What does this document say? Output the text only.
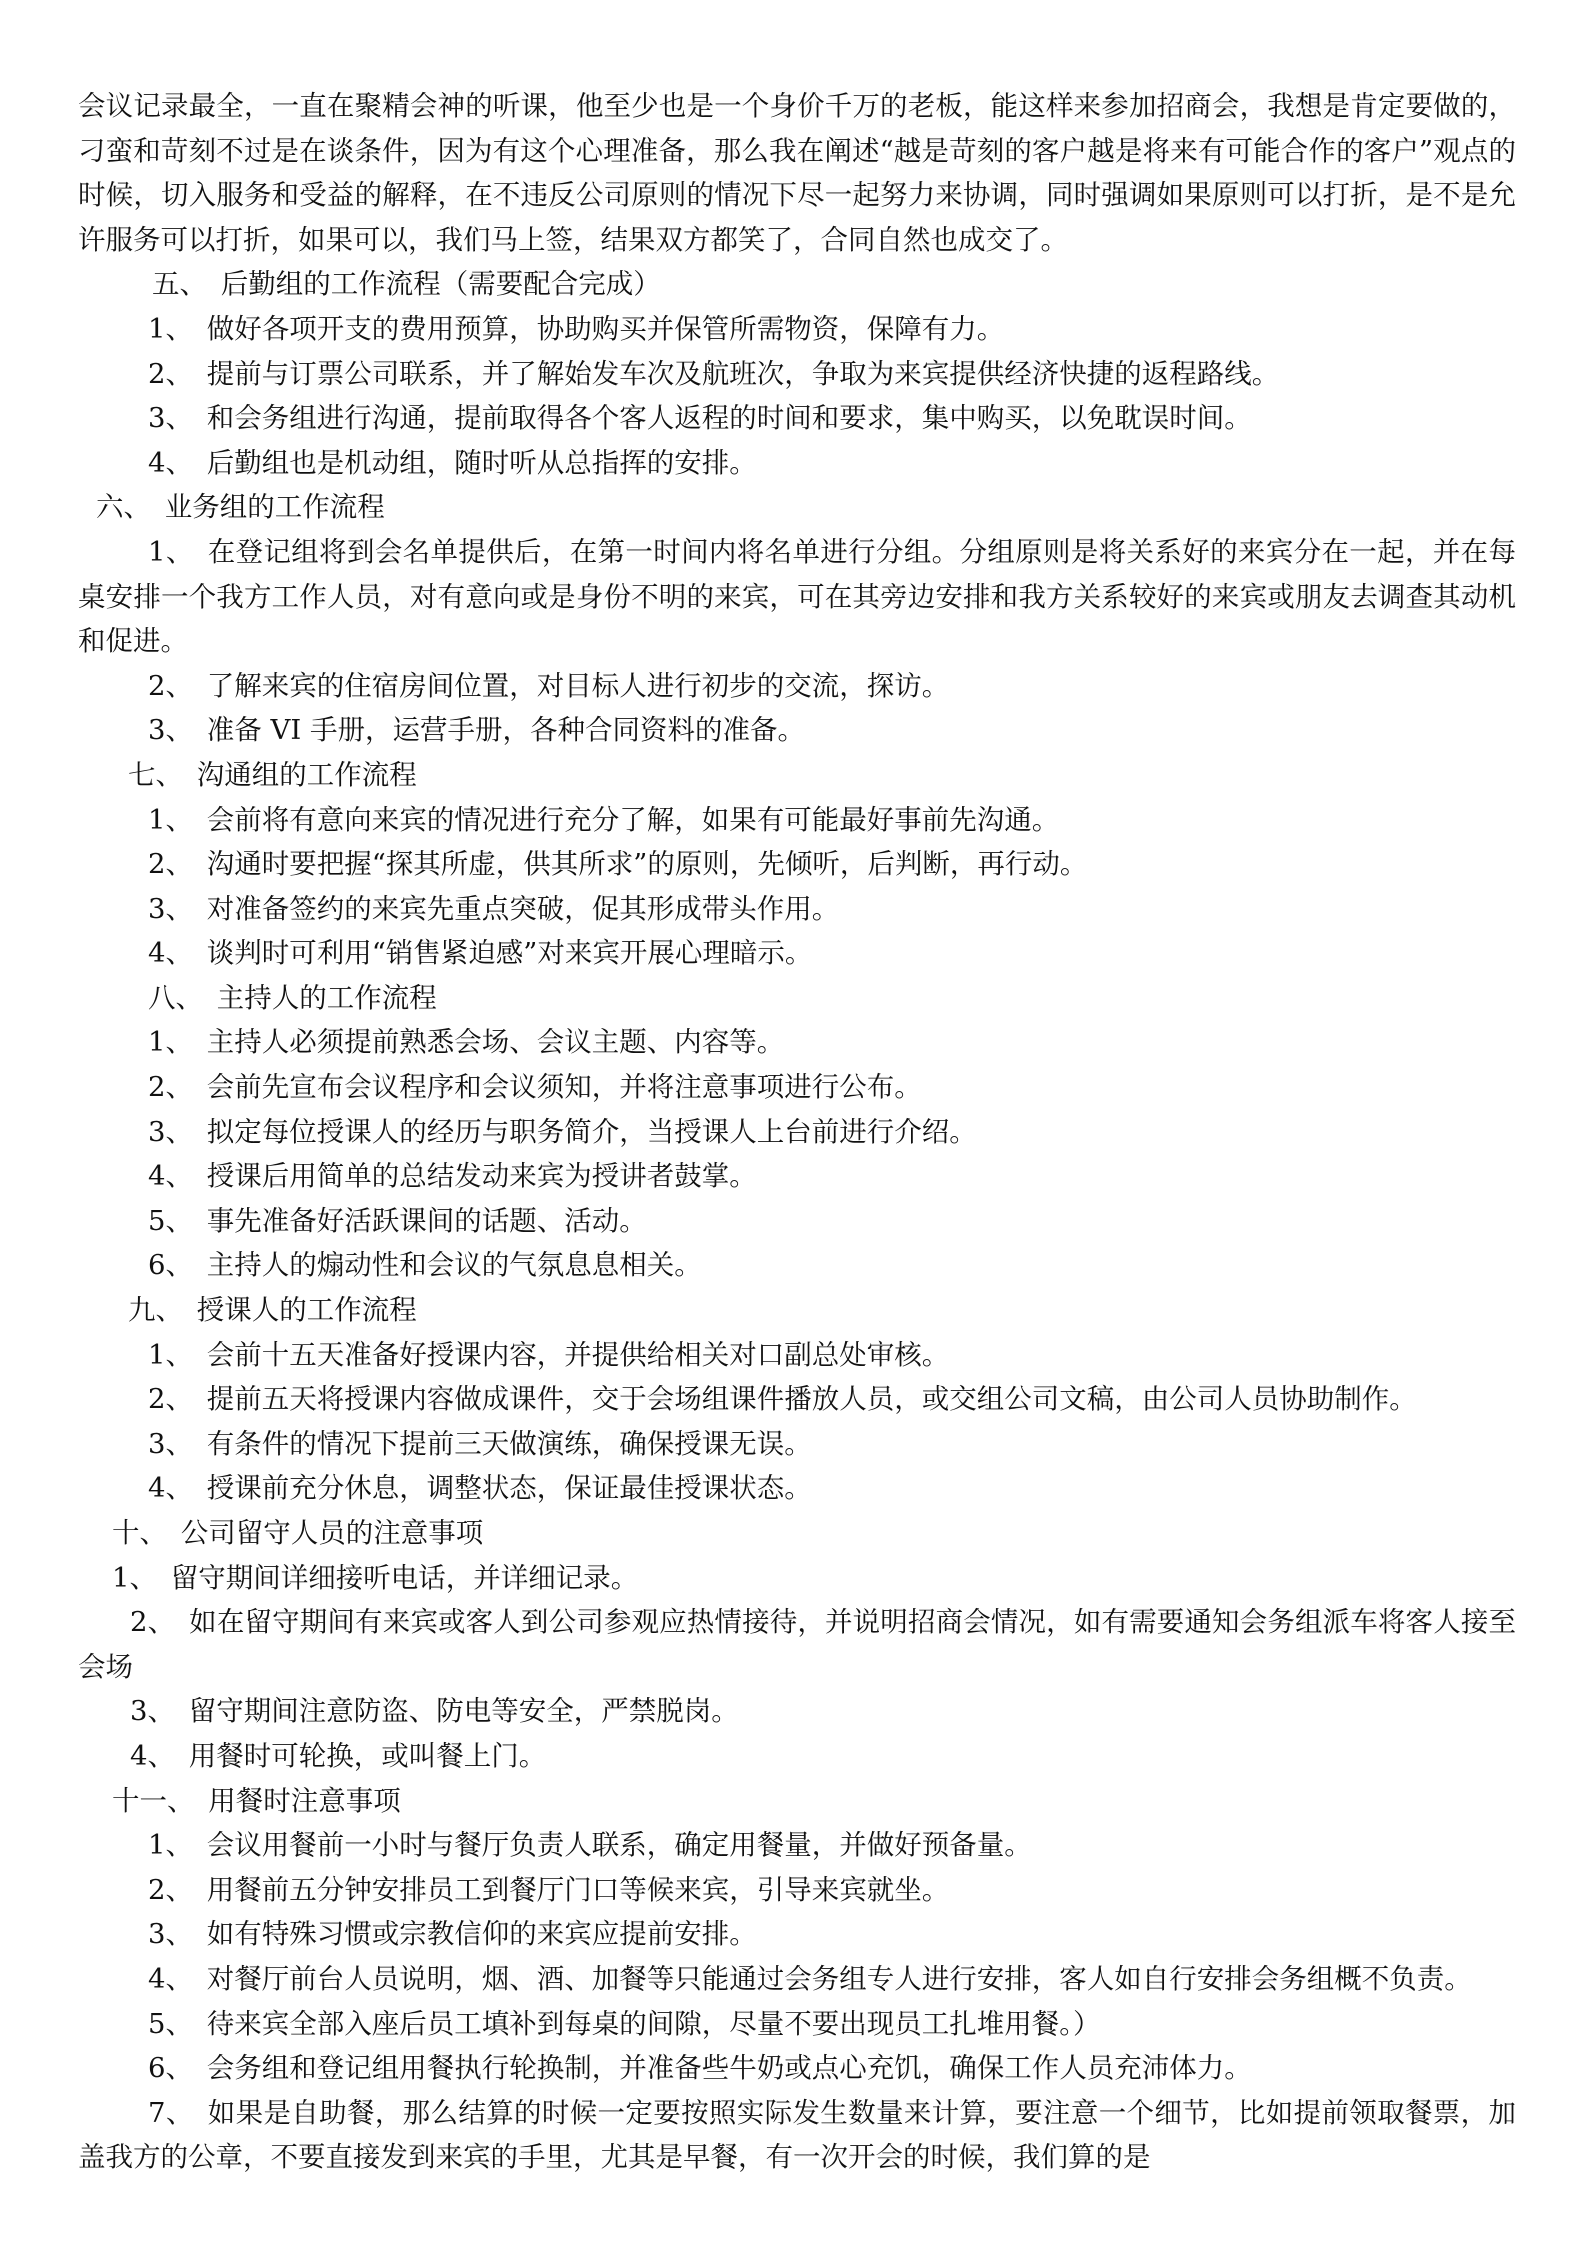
会议记录最全，一直在聚精会神的听课，他至少也是一个身价千万的老板，能这样来参加招商会，我想是肯定要做的，刁蛮和苛刻不过是在谈条件，因为有这个心理准备，那么我在阐述“越是苛刻的客户越是将来有可能合作的客户”观点的时候，切入服务和受益的解释，在不违反公司原则的情况下尽一起努力来协调，同时强调如果原则可以打折，是不是允许服务可以打折，如果可以，我们马上签，结果双方都笑了，合同自然也成交了。

五、　后勤组的工作流程（需要配合完成）

1、　做好各项开支的费用预算，协助购买并保管所需物资，保障有力。

2、　提前与订票公司联系，并了解始发车次及航班次，争取为来宾提供经济快捷的返程路线。

3、　和会务组进行沟通，提前取得各个客人返程的时间和要求，集中购买，以免耽误时间。

4、　后勤组也是机动组，随时听从总指挥的安排。

六、　业务组的工作流程

1、　在登记组将到会名单提供后，在第一时间内将名单进行分组。分组原则是将关系好的来宾分在一起，并在每桌安排一个我方工作人员，对有意向或是身份不明的来宾，可在其旁边安排和我方关系较好的来宾或朋友去调查其动机和促进。

2、　了解来宾的住宿房间位置，对目标人进行初步的交流，探访。

3、　准备 VI 手册，运营手册，各种合同资料的准备。

七、　沟通组的工作流程

1、　会前将有意向来宾的情况进行充分了解，如果有可能最好事前先沟通。

2、　沟通时要把握“探其所虚，供其所求”的原则，先倾听，后判断，再行动。

3、　对准备签约的来宾先重点突破，促其形成带头作用。

4、　谈判时可利用“销售紧迫感”对来宾开展心理暗示。

八、　主持人的工作流程

1、　主持人必须提前熟悉会场、会议主题、内容等。

2、　会前先宣布会议程序和会议须知，并将注意事项进行公布。

3、　拟定每位授课人的经历与职务简介，当授课人上台前进行介绍。

4、　授课后用简单的总结发动来宾为授讲者鼓掌。

5、　事先准备好活跃课间的话题、活动。

6、　主持人的煽动性和会议的气氛息息相关。

九、　授课人的工作流程

1、　会前十五天准备好授课内容，并提供给相关对口副总处审核。

2、　提前五天将授课内容做成课件，交于会场组课件播放人员，或交组公司文稿，由公司人员协助制作。

3、　有条件的情况下提前三天做演练，确保授课无误。

4、　授课前充分休息，调整状态，保证最佳授课状态。

十、　公司留守人员的注意事项

1、　留守期间详细接听电话，并详细记录。

2、　如在留守期间有来宾或客人到公司参观应热情接待，并说明招商会情况，如有需要通知会务组派车将客人接至会场

3、　留守期间注意防盗、防电等安全，严禁脱岗。

4、　用餐时可轮换，或叫餐上门。

十一、　用餐时注意事项

1、　会议用餐前一小时与餐厅负责人联系，确定用餐量，并做好预备量。

2、　用餐前五分钟安排员工到餐厅门口等候来宾，引导来宾就坐。

3、　如有特殊习惯或宗教信仰的来宾应提前安排。

4、　对餐厅前台人员说明，烟、酒、加餐等只能通过会务组专人进行安排，客人如自行安排会务组概不负责。

5、　待来宾全部入座后员工填补到每桌的间隙，尽量不要出现员工扎堆用餐。）

6、　会务组和登记组用餐执行轮换制，并准备些牛奶或点心充饥，确保工作人员充沛体力。

7、　如果是自助餐，那么结算的时候一定要按照实际发生数量来计算，要注意一个细节，比如提前领取餐票，加盖我方的公章，不要直接发到来宾的手里，尤其是早餐，有一次开会的时候，我们算的是
